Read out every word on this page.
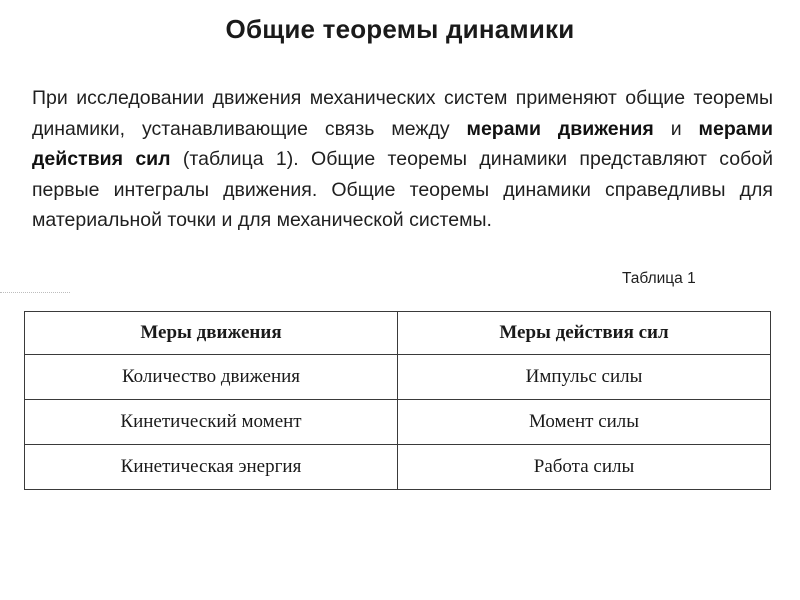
Общие теоремы динамики

При исследовании движения механических систем применяют общие теоремы динамики, устанавливающие связь между мерами движения и мерами действия сил (таблица 1). Общие теоремы динамики представляют собой первые интегралы движения. Общие теоремы динамики справедливы для материальной точки и для механической системы.

Таблица 1
Меры движения	Меры действия сил
Количество движения	Импульс силы
Кинетический момент	Момент силы
Кинетическая энергия	Работа силы
